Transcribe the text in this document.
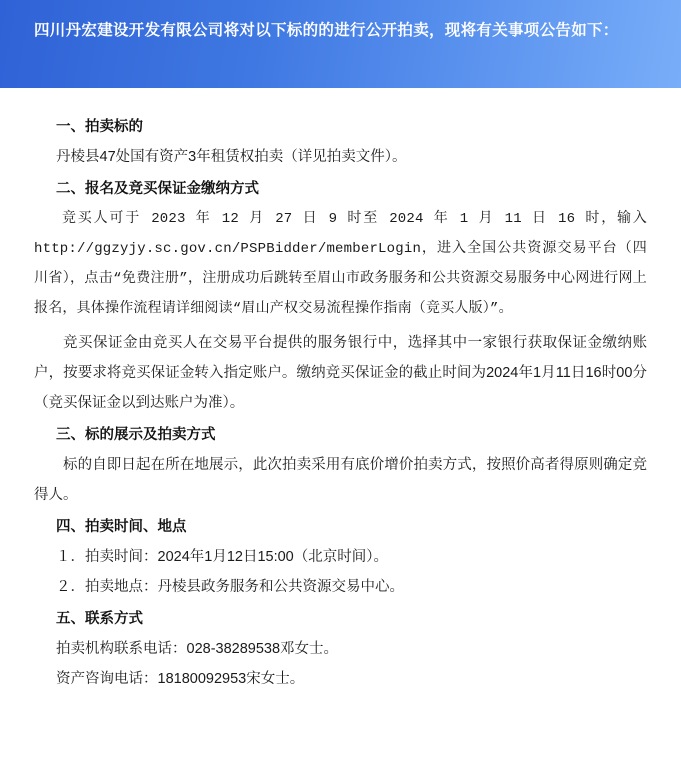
四川丹宏建设开发有限公司将对以下标的的进行公开拍卖，现将有关事项公告如下：
一、拍卖标的

丹棱县47处国有资产3年租赁权拍卖（详见拍卖文件）。

二、报名及竞买保证金缴纳方式

竞买人可于 2023 年 12 月 27 日 9 时至 2024 年 1 月 11 日 16 时，输入 http://ggzyjy.sc.gov.cn/PSPBidder/memberLogin，进入全国公共资源交易平台（四川省），点击“免费注册”，注册成功后跳转至眉山市政务服务和公共资源交易服务中心网进行网上报名，具体操作流程请详细阅读“眉山产权交易流程操作指南（竞买人版）”。

竞买保证金由竞买人在交易平台提供的服务银行中，选择其中一家银行获取保证金缴纳账户，按要求将竞买保证金转入指定账户。缴纳竞买保证金的截止时间为2024年1月11日16时00分（竞买保证金以到达账户为准）。

三、标的展示及拍卖方式

标的自即日起在所在地展示，此次拍卖采用有底价增价拍卖方式，按照价高者得原则确定竞得人。

四、拍卖时间、地点

１．拍卖时间：2024年1月12日15:00（北京时间）。

２．拍卖地点：丹棱县政务服务和公共资源交易中心。

五、联系方式

拍卖机构联系电话：028-38289538邓女士。

资产咨询电话：18180092953宋女士。
